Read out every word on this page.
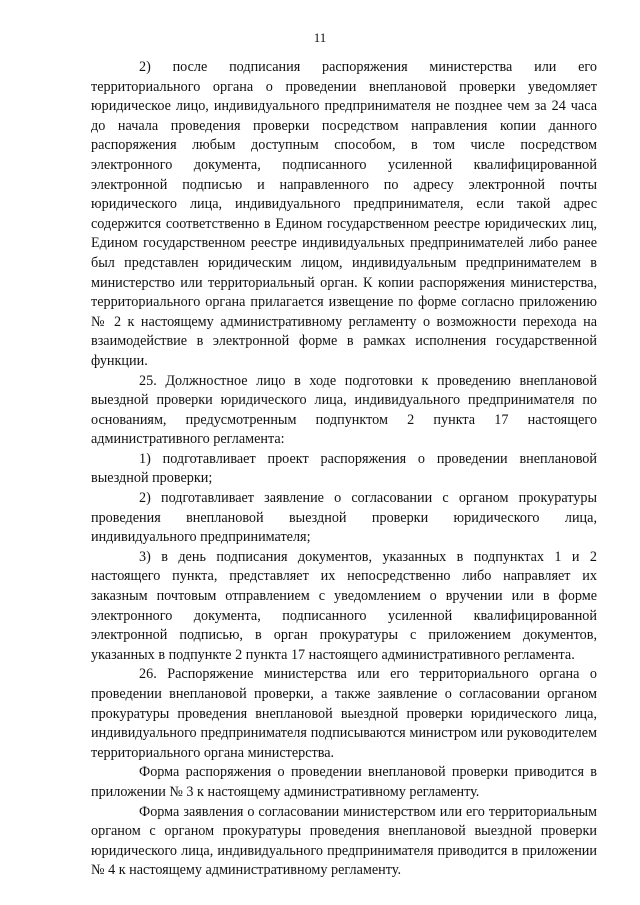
11

2) после подписания распоряжения министерства или его территориального органа о проведении внеплановой проверки уведомляет юридическое лицо, индивидуального предпринимателя не позднее чем за 24 часа до начала проведения проверки посредством направления копии данного распоряжения любым доступным способом, в том числе посредством электронного документа, подписанного усиленной квалифицированной электронной подписью и направленного по адресу электронной почты юридического лица, индивидуального предпринимателя, если такой адрес содержится соответственно в Едином государственном реестре юридических лиц, Едином государственном реестре индивидуальных предпринимателей либо ранее был представлен юридическим лицом, индивидуальным предпринимателем в министерство или территориальный орган. К копии распоряжения министерства, территориального органа прилагается извещение по форме согласно приложению № 2 к настоящему административному регламенту о возможности перехода на взаимодействие в электронной форме в рамках исполнения государственной функции.

25. Должностное лицо в ходе подготовки к проведению внеплановой выездной проверки юридического лица, индивидуального предпринимателя по основаниям, предусмотренным подпунктом 2 пункта 17 настоящего административного регламента:

1) подготавливает проект распоряжения о проведении внеплановой выездной проверки;

2) подготавливает заявление о согласовании с органом прокуратуры проведения внеплановой выездной проверки юридического лица, индивидуального предпринимателя;

3) в день подписания документов, указанных в подпунктах 1 и 2 настоящего пункта, представляет их непосредственно либо направляет их заказным почтовым отправлением с уведомлением о вручении или в форме электронного документа, подписанного усиленной квалифицированной электронной подписью, в орган прокуратуры с приложением документов, указанных в подпункте 2 пункта 17 настоящего административного регламента.

26. Распоряжение министерства или его территориального органа о проведении внеплановой проверки, а также заявление о согласовании органом прокуратуры проведения внеплановой выездной проверки юридического лица, индивидуального предпринимателя подписываются министром или руководителем территориального органа министерства.

Форма распоряжения о проведении внеплановой проверки приводится в приложении № 3 к настоящему административному регламенту.

Форма заявления о согласовании министерством или его территориальным органом с органом прокуратуры проведения внеплановой выездной проверки юридического лица, индивидуального предпринимателя приводится в приложении № 4 к настоящему административному регламенту.
